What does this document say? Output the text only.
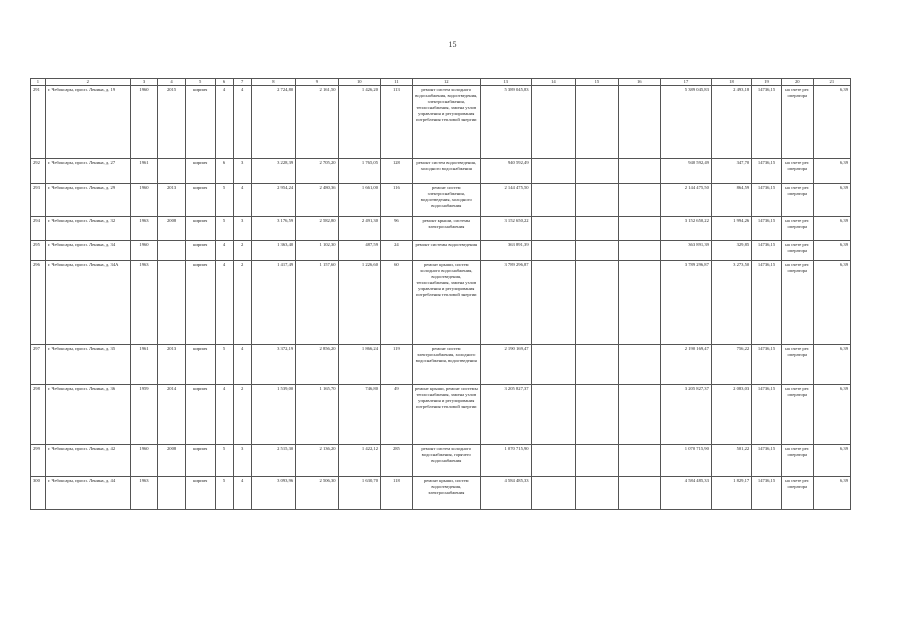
15
1	2	3	4	5	6	7	8	9	10	11	12	13	14	15	16	17	18	19	20	21
291	г. Чебоксары, просп. Ленина, д. 19	1960	2015	кирпич	4	4	2 724,80	2 161,50	1 426,20	113	ремонт систем холодного водоснабжения, водоотведения, электроснабжения, теплоснабжения, замена узлов управления и регулирования потребления тепловой энергии	5 389 045,83				5 389 045,83	2 493,18	14736,15	на счете рег. оператора	6,39
292	г. Чебоксары, просп. Ленина, д. 27	1961		кирпич	6	3	3 228,39	2 705,20	1 765,05	128	ремонт систем водоотведения, холодного водоснабжения	940 592,49				940 592,49	347,70	14736,15	на счете рег. оператора	6,39
293	г. Чебоксары, просп. Ленина, д. 29	1960	2013	кирпич	5	4	2 954,24	2 480,36	1 661,00	116	ремонт систем электроснабжения, водоотведения, холодного водоснабжения	2 144 475,50				2 144 475,50	864,59	14736,15	на счете рег. оператора	6,39
294	г. Чебоксары, просп. Ленина, д. 32	1963	2008	кирпич	5	3	3 176,59	2 582,80	2 491,30	96	ремонт крыши, системы электроснабжения	3 152 650,22				3 152 650,22	1 994,26	14736,15	на счете рег. оператора	6,39
295	г. Чебоксары, просп. Ленина, д. 34	1960		кирпич	4	2	1 363,40	1 102,30	487,59	24	ремонт системы водоотведения	363 891,39				363 891,39	329,85	14736,15	на счете рег. оператора	6,39
296	г. Чебоксары, просп. Ленина, д. 34А	1963		кирпич	4	2	1 417,49	1 157,60	1 226,60	60	ремонт крыши, систем холодного водоснабжения, водоотведения, теплоснабжения, замена узлов управления и регулирования потребления тепловой энергии	3 789 296,87				3 789 296,87	3 273,50	14736,15	на счете рег. оператора	6,39
297	г. Чебоксары, просп. Ленина, д. 35	1961	2013	кирпич	5	4	3 372,19	2 856,20	1 866,24	119	ремонт систем электроснабжения, холодного водоснабжения, водоотведения	2 190 169,47				2 190 169,47	756,22	14736,15	на счете рег. оператора	6,39
298	г. Чебоксары, просп. Ленина, д. 36	1959	2014	кирпич	4	2	1 539,00	1 165,70	746,80	49	ремонт крыши, ремонт системы теплоснабжения, замена узлов управления и регулирования потребления тепловой энергии	3 205 827,37				3 205 827,37	2 083,03	14736,15	на счете рег. оператора	6,39
299	г. Чебоксары, просп. Ленина, д. 42	1960	2008	кирпич	5	3	2 515,30	2 136,20	1 422,12	285	ремонт систем холодного водоснабжения, горячего водоснабжения	1 070 715,90				1 070 715,90	501,22	14736,15	на счете рег. оператора	6,39
300	г. Чебоксары, просп. Ленина, д. 44	1963		кирпич	5	4	3 093,96	2 506,30	1 630,70	118	ремонт крыши, систем водоотведения, электроснабжения	4 584 485,33				4 584 485,33	1 829,17	14736,15	на счете рег. оператора	6,39
